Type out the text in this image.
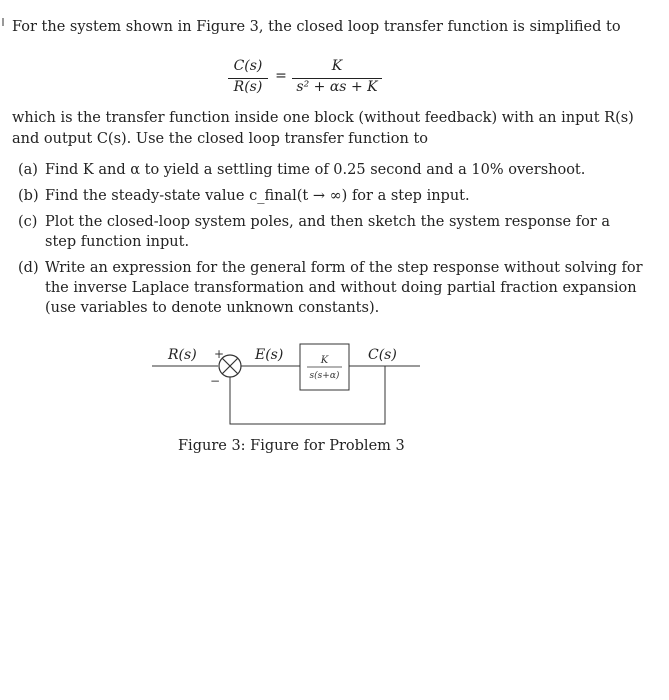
For the system shown in Figure 3, the closed loop transfer function is simplified to
C(s)
R(s)
=
K
s² + αs + K
which is the transfer function inside one block (without feedback) with an input R(s) and output C(s). Use the closed loop transfer function to
(a) Find K and α to yield a settling time of 0.25 second and a 10% overshoot.
(b) Find the steady-state value c_final(t → ∞) for a step input.
(c) Plot the closed-loop system poles, and then sketch the system response for a step function input.
(d) Write an expression for the general form of the step response without solving for the inverse Laplace transformation and without doing partial fraction expansion (use variables to denote unknown constants).
+
−
K
s(s+α)
R(s)	E(s)	C(s)
Figure 3: Figure for Problem 3
